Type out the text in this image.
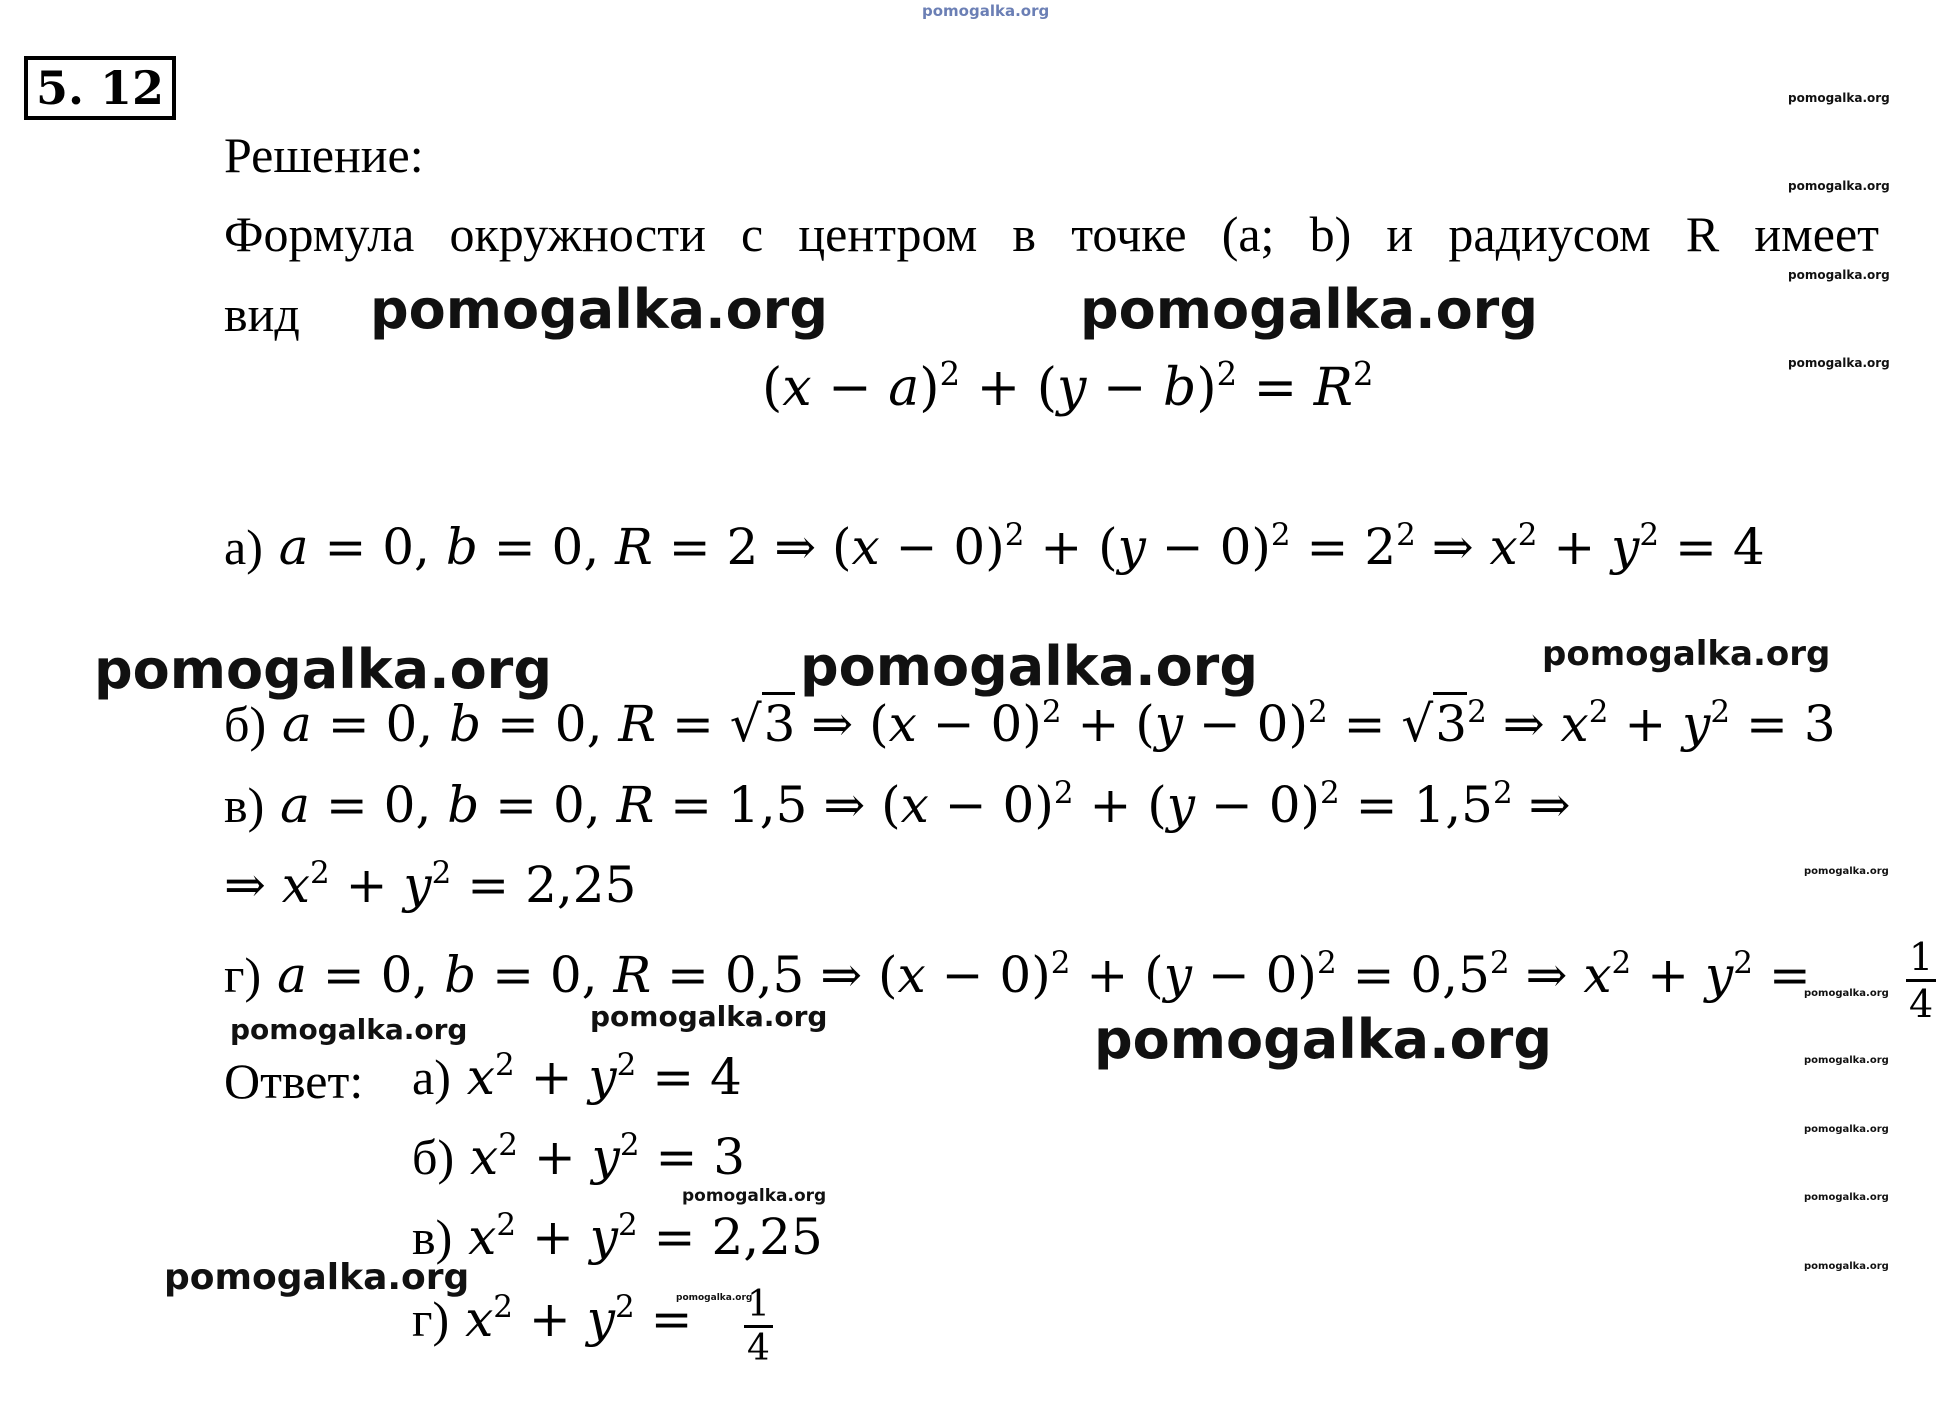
pomogalka.org
5. 12
Решение:
Формула окружности с центром в точке (a; b) и радиусом R имеет
вид
$(x - a)^2 + (y - b)^2 = R^2$
а) a = 0, b = 0, R = 2 ⇒ $(x - 0)^2 + (y - 0)^2 = 2^2$ ⇒ $x^2 + y^2 = 4$
б) a = 0, b = 0, R = √3 ⇒ $(x - 0)^2 + (y - 0)^2 = √3^2$ ⇒ $x^2 + y^2 = 3$
в) a = 0, b = 0, R = 1,5 ⇒ $(x - 0)^2 + (y - 0)^2 = 1,5^2$ ⇒
⇒ $x^2 + y^2 = 2,25$
г) a = 0, b = 0, R = 0,5 ⇒ $(x - 0)^2 + (y - 0)^2 = 0,5^2$ ⇒ $x^2 + y^2$ =	$\frac{1}{4}$
Ответ: а) $x^2 + y^2 = 4$
б) $x^2 + y^2 = 3$
в) $x^2 + y^2 = 2,25$
г) $x^2 + y^2 = \frac{1}{4}$
pomogalka.org	pomogalka.org
pomogalka.org	pomogalka.org
pomogalka.org
pomogalka.org
pomogalka.org	pomogalka.org
pomogalka.org
pomogalka.org
pomogalka.org
pomogalka.org
pomogalka.org
pomogalka.org
pomogalka.org
pomogalka.org
pomogalka.org
pomogalka.org
pomogalka.org
pomogalka.org
pomogalka.org
